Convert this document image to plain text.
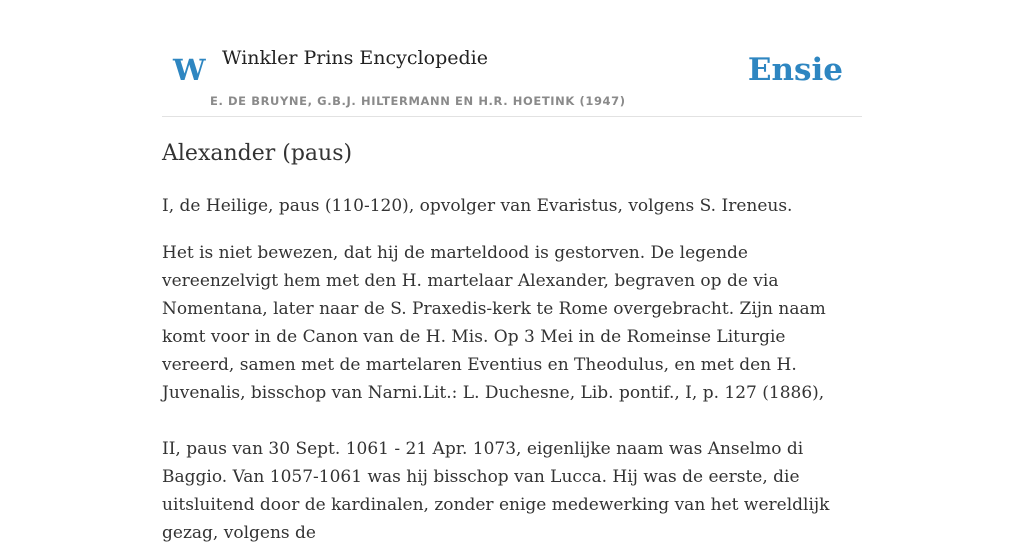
W Winkler Prins Encyclopedie
E. DE BRUYNE, G.B.J. HILTERMANN EN H.R. HOETINK (1947)
Ensie
Alexander (paus)

I, de Heilige, paus (110-120), opvolger van Evaristus, volgens S. Ireneus.

Het is niet bewezen, dat hij de marteldood is gestorven. De legende vereenzelvigt hem met den H. martelaar Alexander, begraven op de via Nomentana, later naar de S. Praxedis-kerk te Rome overgebracht. Zijn naam komt voor in de Canon van de H. Mis. Op 3 Mei in de Romeinse Liturgie vereerd, samen met de martelaren Eventius en Theodulus, en met den H. Juvenalis, bisschop van Narni.Lit.: L. Duchesne, Lib. pontif., I, p. 127 (1886),

II, paus van 30 Sept. 1061 - 21 Apr. 1073, eigenlijke naam was Anselmo di Baggio. Van 1057-1061 was hij bisschop van Lucca. Hij was de eerste, die uitsluitend door de kardinalen, zonder enige medewerking van het wereldlijk gezag, volgens de
